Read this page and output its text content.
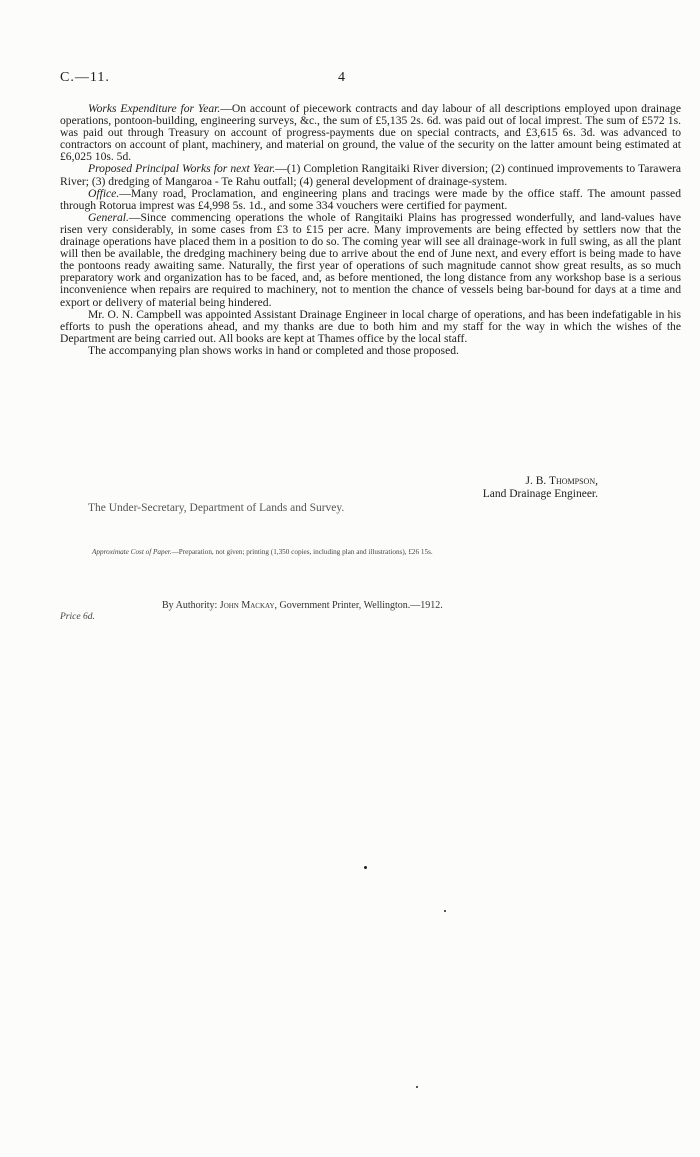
C.—11.	4

Works Expenditure for Year.—On account of piecework contracts and day labour of all descriptions employed upon drainage operations, pontoon-building, engineering surveys, &c., the sum of £5,135 2s. 6d. was paid out of local imprest. The sum of £572 1s. was paid out through Treasury on account of progress-payments due on special contracts, and £3,615 6s. 3d. was advanced to contractors on account of plant, machinery, and material on ground, the value of the security on the latter amount being estimated at £6,025 10s. 5d.

Proposed Principal Works for next Year.—(1) Completion Rangitaiki River diversion; (2) continued improvements to Tarawera River; (3) dredging of Mangaroa - Te Rahu outfall; (4) general development of drainage-system.

Office.—Many road, Proclamation, and engineering plans and tracings were made by the office staff. The amount passed through Rotorua imprest was £4,998 5s. 1d., and some 334 vouchers were certified for payment.

General.—Since commencing operations the whole of Rangitaiki Plains has progressed wonderfully, and land-values have risen very considerably, in some cases from £3 to £15 per acre. Many improvements are being effected by settlers now that the drainage operations have placed them in a position to do so. The coming year will see all drainage-work in full swing, as all the plant will then be available, the dredging machinery being due to arrive about the end of June next, and every effort is being made to have the pontoons ready awaiting same. Naturally, the first year of operations of such magnitude cannot show great results, as so much preparatory work and organization has to be faced, and, as before mentioned, the long distance from any workshop base is a serious inconvenience when repairs are required to machinery, not to mention the chance of vessels being bar-bound for days at a time and export or delivery of material being hindered.

Mr. O. N. Campbell was appointed Assistant Drainage Engineer in local charge of operations, and has been indefatigable in his efforts to push the operations ahead, and my thanks are due to both him and my staff for the way in which the wishes of the Department are being carried out. All books are kept at Thames office by the local staff.

The accompanying plan shows works in hand or completed and those proposed.

J. B. Thompson,
Land Drainage Engineer.
The Under-Secretary, Department of Lands and Survey.
Approximate Cost of Paper.—Preparation, not given; printing (1,350 copies, including plan and illustrations), £26 15s.
By Authority: John Mackay, Government Printer, Wellington.—1912.
Price 6d.
